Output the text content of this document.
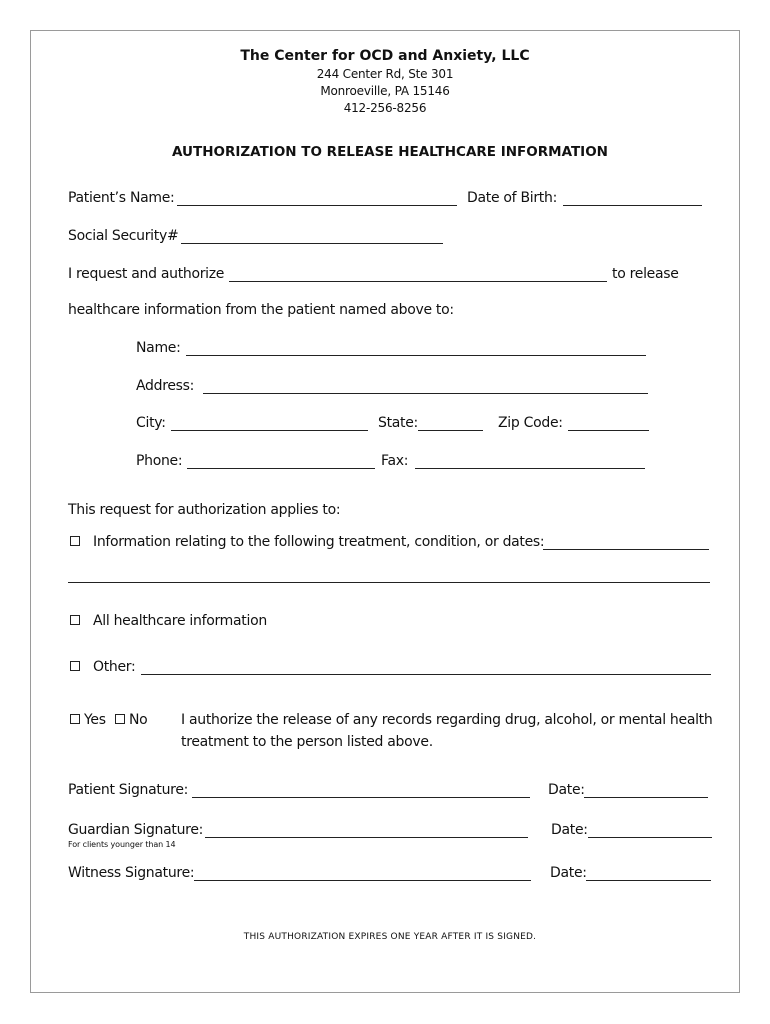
The Center for OCD and Anxiety, LLC
244 Center Rd, Ste 301
Monroeville, PA 15146
412-256-8256
AUTHORIZATION TO RELEASE HEALTHCARE INFORMATION
Patient’s Name:	Date of Birth:
Social Security#
I request and authorize	to release
healthcare information from the patient named above to:
Name:
Address:
City:	State:	Zip Code:
Phone:	Fax:
This request for authorization applies to:
Information relating to the following treatment, condition, or dates:
All healthcare information
Other:
Yes No I authorize the release of any records regarding drug, alcohol, or mental health
treatment to the person listed above.
Patient Signature:	Date:
Guardian Signature:	Date:
For clients younger than 14
Witness Signature:	Date:
THIS AUTHORIZATION EXPIRES ONE YEAR AFTER IT IS SIGNED.
